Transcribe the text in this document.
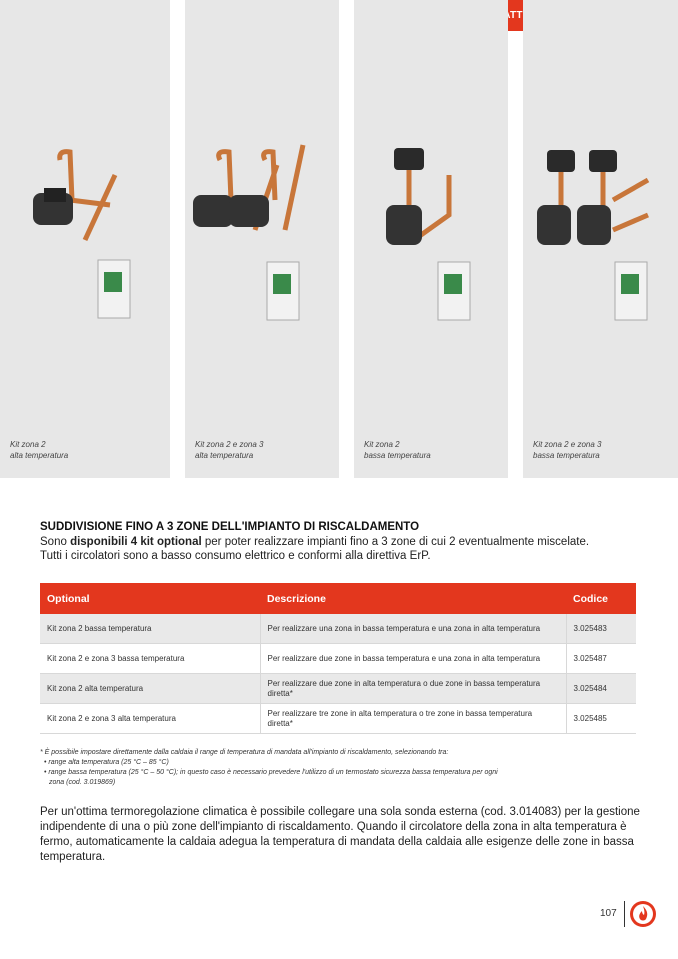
Kit zona 2
alta temperatura
Kit zona 2 e zona 3
alta temperatura
Kit zona 2
bassa temperatura
Kit zona 2 e zona 3
bassa temperatura
SUDDIVISIONE FINO A 3 ZONE DELL'IMPIANTO DI RISCALDAMENTO
Sono disponibili 4 kit optional per poter realizzare impianti fino a 3 zone di cui 2 eventualmente miscelate.
Tutti i circolatori sono a basso consumo elettrico e conformi alla direttiva ErP.
Optional	Descrizione	Codice
Kit zona 2 bassa temperatura	Per realizzare una zona in bassa temperatura e una zona in alta temperatura	3.025483
Kit zona 2 e zona 3 bassa temperatura	Per realizzare due zone in bassa temperatura e una zona in alta temperatura	3.025487
Kit zona 2 alta temperatura	Per realizzare due zone in alta temperatura o due zone in bassa temperatura diretta*	3.025484
Kit zona 2 e zona 3 alta temperatura	Per realizzare tre zone in alta temperatura o tre zone in bassa temperatura diretta*	3.025485
* È possibile impostare direttamente dalla caldaia il range di temperatura di mandata all'impianto di riscaldamento, selezionando tra:
• range alta temperatura (25 °C – 85 °C)
• range bassa temperatura (25 °C – 50 °C); in questo caso è necessario prevedere l'utilizzo di un termostato sicurezza bassa temperatura per ogni
zona (cod. 3.019869)
Per un'ottima termoregolazione climatica è possibile collegare una sola sonda esterna (cod. 3.014083) per la gestione indipendente di una o più zone dell'impianto di riscaldamento. Quando il circolatore della zona in alta temperatura è fermo, automaticamente la caldaia adegua la temperatura di mandata della caldaia alle esigenze delle zone in bassa temperatura.
107
